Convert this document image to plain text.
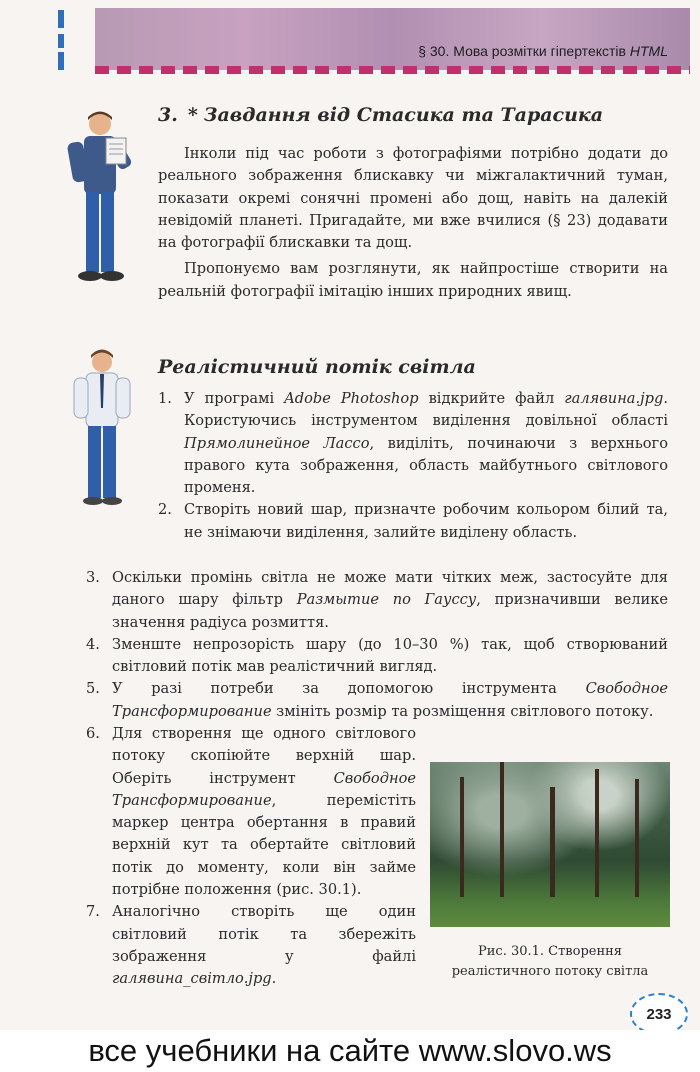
§ 30. Мова розмітки гіпертекстів HTML
3. * Завдання від Стасика та Тарасика

Інколи під час роботи з фотографіями потрібно додати до реального зображення блискавку чи міжгалактичний туман, показати окремі сонячні промені або дощ, навіть на далекій невідомій планеті. Пригадайте, ми вже вчилися (§ 23) додавати на фотографії блискавки та дощ.

Пропонуємо вам розглянути, як найпростіше створити на реальній фотографії імітацію інших природних явищ.

Реалістичний потік світла
1. У програмі Adobe Photoshop відкрийте файл галявина.jpg. Користуючись інструментом виділення довільної області Прямолинейное Лассо, виділіть, починаючи з верхнього правого кута зображення, область майбутнього світлового променя.
2. Створіть новий шар, призначте робочим кольором білий та, не знімаючи виділення, залийте виділену область.
3. Оскільки промінь світла не може мати чітких меж, застосуйте для даного шару фільтр Размытие по Гауссу, призначивши велике значення радіуса розмиття.
4. Зменште непрозорість шару (до 10–30 %) так, щоб створюваний світловий потік мав реалістичний вигляд.
5. У разі потреби за допомогою інструмента Свободное Трансформирование змініть розмір та розміщення світлового потоку.
6. Для створення ще одного світлового потоку скопіюйте верхній шар. Оберіть інструмент Свободное Трансформирование, перемістіть маркер центра обертання в правий верхній кут та обертайте світловий потік до моменту, коли він займе потрібне положення (рис. 30.1).
7. Аналогічно створіть ще один світловий потік та збережіть зображення у файлі галявина_світло.jpg.
Рис. 30.1. Створення
реалістичного потоку світла
233
все учебники на сайте www.slovo.ws
